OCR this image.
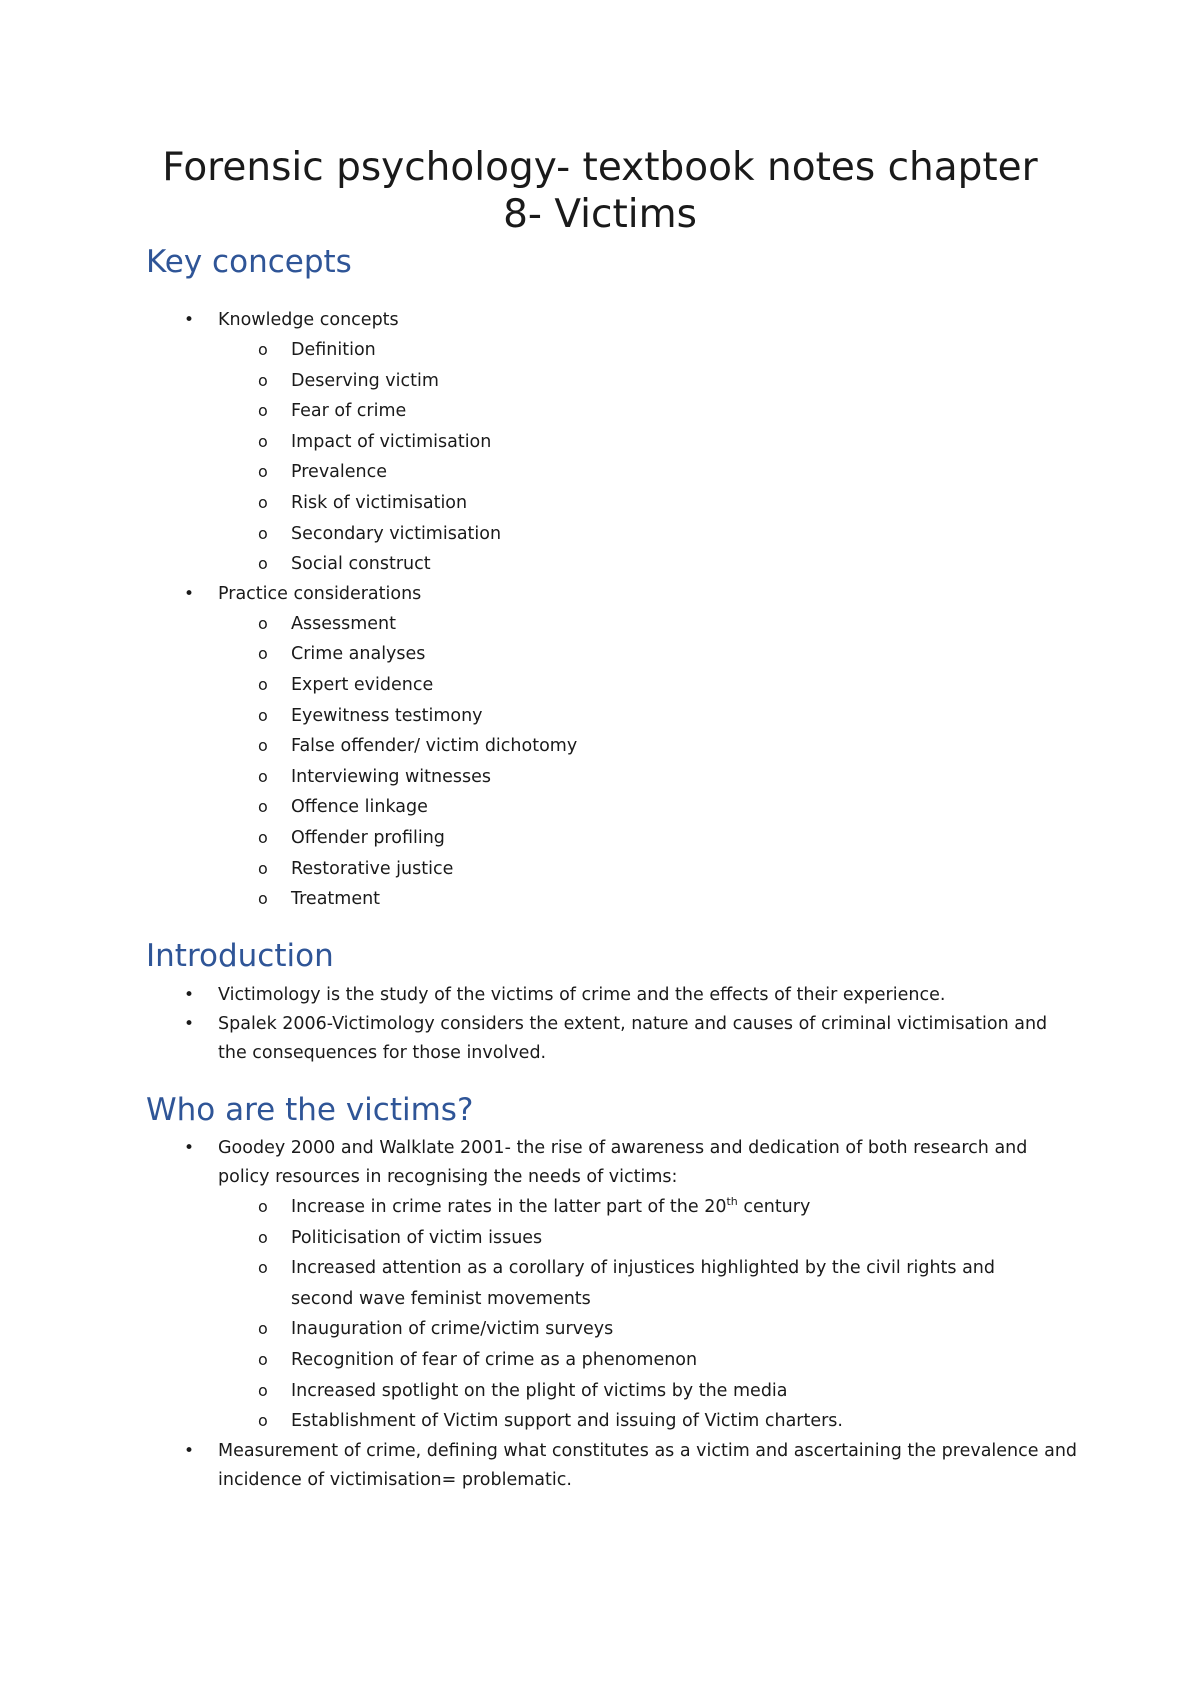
Forensic psychology- textbook notes chapter
8- Victims
Key concepts
• Knowledge concepts
o Definition
o Deserving victim
o Fear of crime
o Impact of victimisation
o Prevalence
o Risk of victimisation
o Secondary victimisation
o Social construct
• Practice considerations
o Assessment
o Crime analyses
o Expert evidence
o Eyewitness testimony
o False offender/ victim dichotomy
o Interviewing witnesses
o Offence linkage
o Offender profiling
o Restorative justice
o Treatment
Introduction
• Victimology is the study of the victims of crime and the effects of their experience.
• Spalek 2006-Victimology considers the extent, nature and causes of criminal victimisation and the consequences for those involved.
Who are the victims?
• Goodey 2000 and Walklate 2001- the rise of awareness and dedication of both research and policy resources in recognising the needs of victims:
o Increase in crime rates in the latter part of the 20th century
o Politicisation of victim issues
o Increased attention as a corollary of injustices highlighted by the civil rights and second wave feminist movements
o Inauguration of crime/victim surveys
o Recognition of fear of crime as a phenomenon
o Increased spotlight on the plight of victims by the media
o Establishment of Victim support and issuing of Victim charters.
• Measurement of crime, defining what constitutes as a victim and ascertaining the prevalence and incidence of victimisation= problematic.
